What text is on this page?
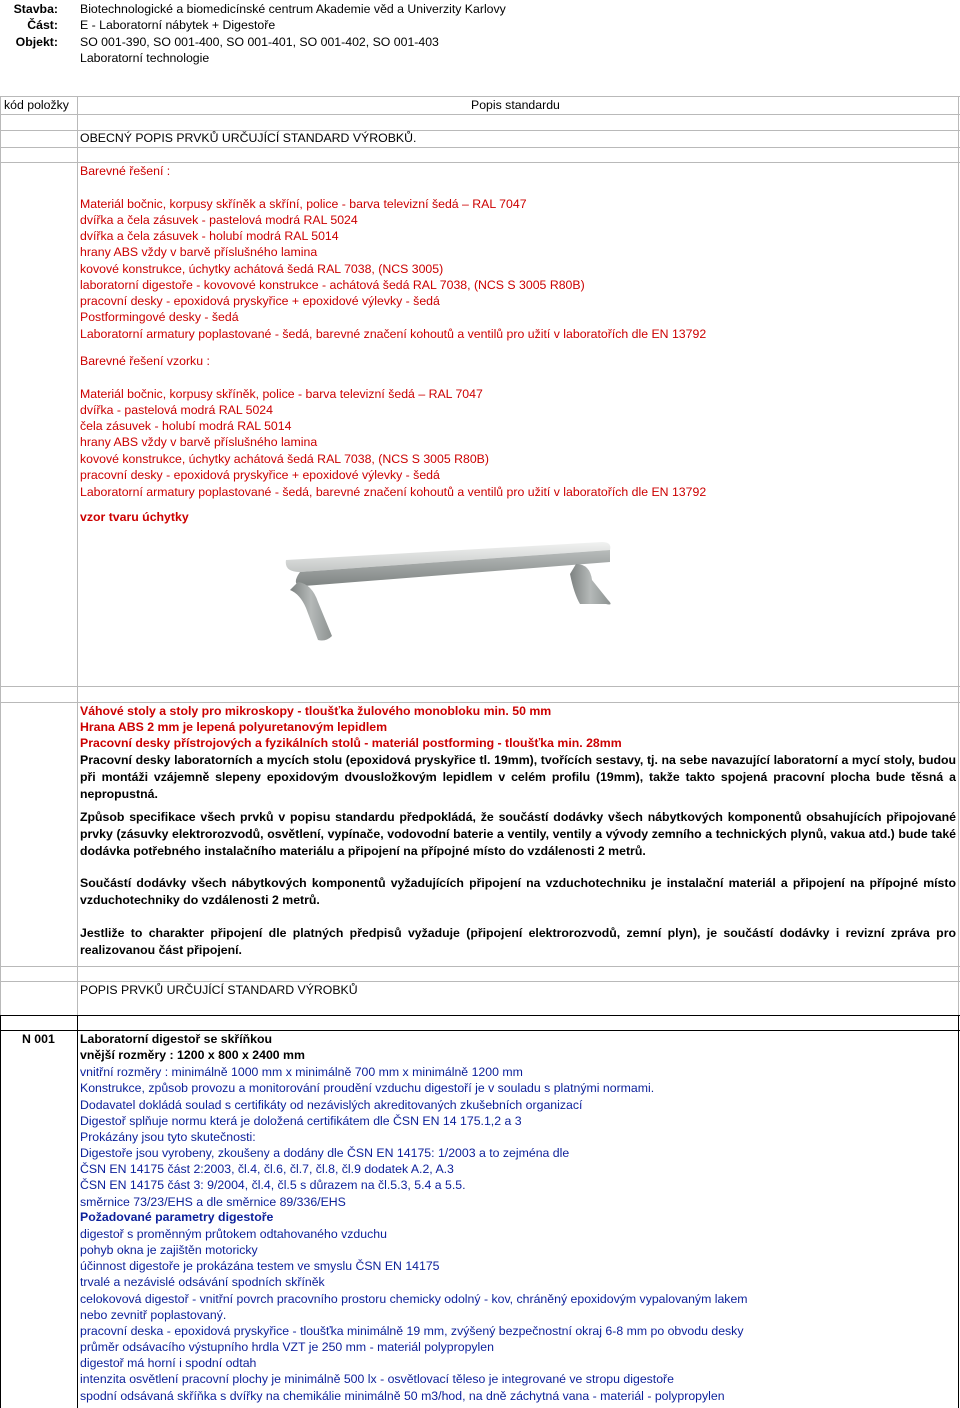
Stavba: Biotechnologické a biomedicínské centrum Akademie věd a Univerzity Karlovy
Část: E - Laboratorní nábytek + Digestoře
Objekt: SO 001-390, SO 001-400, SO 001-401, SO 001-402, SO 001-403
Laboratorní technologie
kód položky	Popis standardu
OBECNÝ POPIS PRVKŮ URČUJÍCÍ STANDARD VÝROBKŮ.
Barevné řešení :
Materiál bočnic, korpusy skříněk a skříní, police - barva televizní šedá – RAL 7047
dvířka a čela zásuvek - pastelová modrá RAL 5024
dvířka a čela zásuvek - holubí modrá RAL 5014
hrany ABS vždy v barvě příslušného lamina
kovové konstrukce, úchytky achátová šedá RAL 7038, (NCS 3005)
laboratorní digestoře - kovovové konstrukce - achátová šedá RAL 7038, (NCS S 3005 R80B)
pracovní desky - epoxidová pryskyřice + epoxidové výlevky - šedá
Postformingové desky - šedá
Laboratorní armatury poplastované - šedá, barevné značení kohoutů a ventilů pro užití v laboratořích dle EN 13792
Barevné řešení vzorku :
Materiál bočnic, korpusy skříněk, police - barva televizní šedá – RAL 7047
dvířka - pastelová modrá RAL 5024
čela zásuvek - holubí modrá RAL 5014
hrany ABS vždy v barvě příslušného lamina
kovové konstrukce, úchytky achátová šedá RAL 7038, (NCS S 3005 R80B)
pracovní desky - epoxidová pryskyřice + epoxidové výlevky - šedá
Laboratorní armatury poplastované - šedá, barevné značení kohoutů a ventilů pro užití v laboratořích dle EN 13792
vzor tvaru úchytky
Váhové stoly a stoly pro mikroskopy - tloušťka žulového monobloku min. 50 mm
Hrana ABS 2 mm je lepená polyuretanovým lepidlem
Pracovní desky přístrojových a fyzikálních stolů - materiál postforming - tloušťka min. 28mm
Pracovní desky laboratorních a mycích stolu (epoxidová pryskyřice tl. 19mm), tvořících sestavy, tj. na sebe navazující laboratorní a mycí stoly, budou při montáži vzájemně slepeny epoxidovým dvousložkovým lepidlem v celém profilu (19mm), takže takto spojená pracovní plocha bude těsná a nepropustná.
Způsob specifikace všech prvků v popisu standardu předpokládá, že součástí dodávky všech nábytkových komponentů obsahujících připojované prvky (zásuvky elektrorozvodů, osvětlení, vypínače, vodovodní baterie a ventily, ventily a vývody zemního a technických plynů, vakua atd.) bude také dodávka potřebného instalačního materiálu a připojení na přípojné místo do vzdálenosti 2 metrů.
Součástí dodávky všech nábytkových komponentů vyžadujících připojení na vzduchotechniku je instalační materiál a připojení na přípojné místo vzduchotechniky do vzdálenosti 2 metrů.
Jestliže to charakter připojení dle platných předpisů vyžaduje (připojení elektrorozvodů, zemní plyn), je součástí dodávky i revizní zpráva pro realizovanou část připojení.
POPIS PRVKŮ URČUJÍCÍ STANDARD VÝROBKŮ
N 001 Laboratorní digestoř se skříňkou
vnější rozměry : 1200 x 800 x 2400 mm
vnitřní rozměry : minimálně 1000 mm x minimálně 700 mm x minimálně 1200 mm
Konstrukce, způsob provozu a monitorování proudění vzduchu digestoří je v souladu s platnými normami.
Dodavatel dokládá soulad s certifikáty od nezávislých akreditovaných zkušebních organizací
Digestoř splňuje normu která je doložená certifikátem dle ČSN EN 14 175.1,2 a 3
Prokázány jsou tyto skutečnosti:
Digestoře jsou vyrobeny, zkoušeny a dodány dle ČSN EN 14175: 1/2003 a to zejména dle
ČSN EN 14175 část 2:2003, čl.4, čl.6, čl.7, čl.8, čl.9 dodatek A.2, A.3
ČSN EN 14175 část 3: 9/2004, čl.4, čl.5 s důrazem na čl.5.3, 5.4 a 5.5.
směrnice 73/23/EHS a dle směrnice 89/336/EHS
Požadované parametry digestoře
digestoř s proměnným průtokem odtahovaného vzduchu
pohyb okna je zajištěn motoricky
účinnost digestoře je prokázána testem ve smyslu ČSN EN 14175
trvalé a nezávislé odsávání spodních skříněk
celokovová digestoř - vnitřní povrch pracovního prostoru chemicky odolný - kov, chráněný epoxidovým vypalovaným lakem
nebo zevnitř poplastovaný.
pracovní deska - epoxidová pryskyřice - tloušťka minimálně 19 mm, zvýšený bezpečnostní okraj 6-8 mm po obvodu desky
průměr odsávacího výstupního hrdla VZT je 250 mm - materiál polypropylen
digestoř má horní i spodní odtah
intenzita osvětlení pracovní plochy je minimálně 500 lx - osvětlovací těleso je integrované ve stropu digestoře
spodní odsávaná skříňka s dvířky na chemikálie minimálně 50 m3/hod, na dně záchytná vana - materiál - polypropylen
